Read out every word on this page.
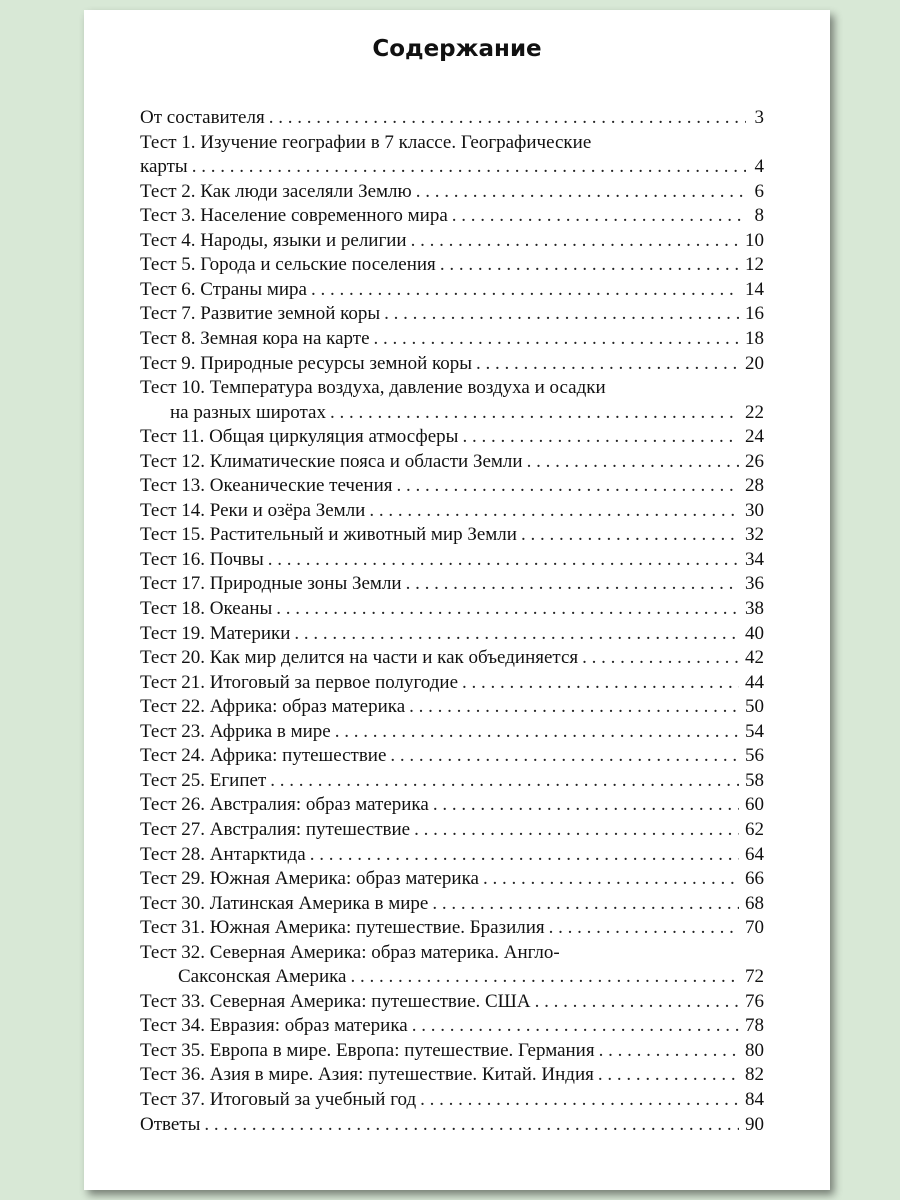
Содержание
От составителя . . .	3
Тест 1. Изучение географии в 7 классе. Географические
карты . . .	4
Тест 2. Как люди заселяли Землю . . .	6
Тест 3. Население современного мира . . .	8
Тест 4. Народы, языки и религии . . .	10
Тест 5. Города и сельские поселения . . .	12
Тест 6. Страны мира . . .	14
Тест 7. Развитие земной коры . . .	16
Тест 8. Земная кора на карте . . .	18
Тест 9. Природные ресурсы земной коры . . .	20
Тест 10. Температура воздуха, давление воздуха и осадки
на разных широтах . . .	22
Тест 11. Общая циркуляция атмосферы . . .	24
Тест 12. Климатические пояса и области Земли . . .	26
Тест 13. Океанические течения . . .	28
Тест 14. Реки и озёра Земли . . .	30
Тест 15. Растительный и животный мир Земли . . .	32
Тест 16. Почвы . . .	34
Тест 17. Природные зоны Земли . . .	36
Тест 18. Океаны . . .	38
Тест 19. Материки . . .	40
Тест 20. Как мир делится на части и как объединяется . . .	42
Тест 21. Итоговый за первое полугодие . . .	44
Тест 22. Африка: образ материка . . .	50
Тест 23. Африка в мире . . .	54
Тест 24. Африка: путешествие . . .	56
Тест 25. Египет . . .	58
Тест 26. Австралия: образ материка . . .	60
Тест 27. Австралия: путешествие . . .	62
Тест 28. Антарктида . . .	64
Тест 29. Южная Америка: образ материка . . .	66
Тест 30. Латинская Америка в мире . . .	68
Тест 31. Южная Америка: путешествие. Бразилия . . .	70
Тест 32. Северная Америка: образ материка. Англо-
Саксонская Америка . . .	72
Тест 33. Северная Америка: путешествие. США . . .	76
Тест 34. Евразия: образ материка . . .	78
Тест 35. Европа в мире. Европа: путешествие. Германия . . .	80
Тест 36. Азия в мире. Азия: путешествие. Китай. Индия . . .	82
Тест 37. Итоговый за учебный год . . .	84
Ответы . . .	90
